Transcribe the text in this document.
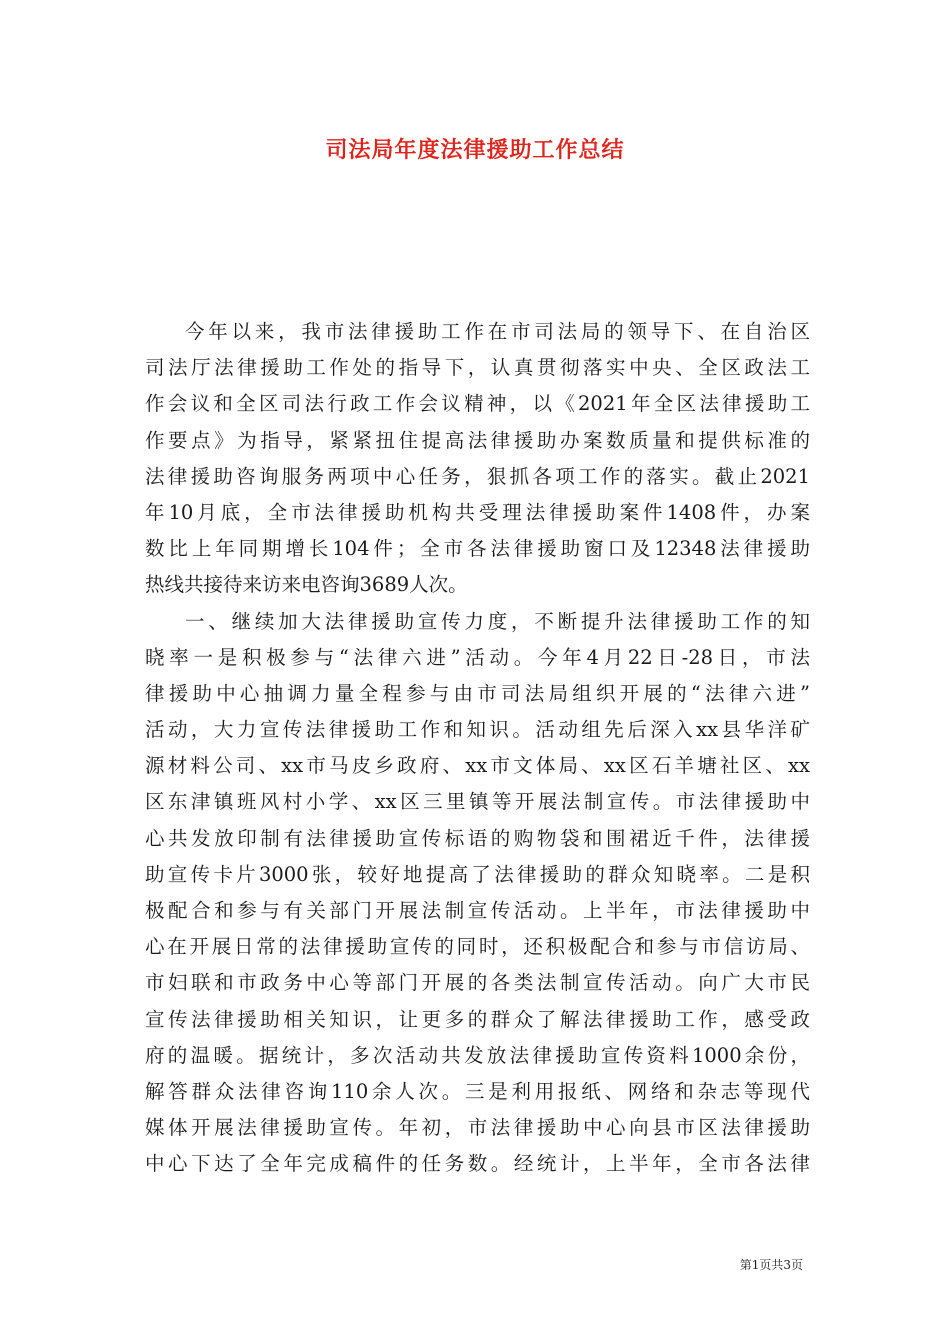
司法局年度法律援助工作总结
今年以来，我市法律援助工作在市司法局的领导下、在自治区
司法厅法律援助工作处的指导下，认真贯彻落实中央、全区政法工
作会议和全区司法行政工作会议精神，以《2021年全区法律援助工
作要点》为指导，紧紧扭住提高法律援助办案数质量和提供标准的
法律援助咨询服务两项中心任务，狠抓各项工作的落实。截止2021
年10月底，全市法律援助机构共受理法律援助案件1408件，办案
数比上年同期增长104件；全市各法律援助窗口及12348法律援助
热线共接待来访来电咨询3689人次。
一、继续加大法律援助宣传力度，不断提升法律援助工作的知
晓率一是积极参与“法律六进”活动。今年4月22日-28日，市法
律援助中心抽调力量全程参与由市司法局组织开展的“法律六进”
活动，大力宣传法律援助工作和知识。活动组先后深入xx县华洋矿
源材料公司、xx市马皮乡政府、xx市文体局、xx区石羊塘社区、xx
区东津镇班风村小学、xx区三里镇等开展法制宣传。市法律援助中
心共发放印制有法律援助宣传标语的购物袋和围裙近千件，法律援
助宣传卡片3000张，较好地提高了法律援助的群众知晓率。二是积
极配合和参与有关部门开展法制宣传活动。上半年，市法律援助中
心在开展日常的法律援助宣传的同时，还积极配合和参与市信访局、
市妇联和市政务中心等部门开展的各类法制宣传活动。向广大市民
宣传法律援助相关知识，让更多的群众了解法律援助工作，感受政
府的温暖。据统计，多次活动共发放法律援助宣传资料1000余份，
解答群众法律咨询110余人次。三是利用报纸、网络和杂志等现代
媒体开展法律援助宣传。年初，市法律援助中心向县市区法律援助
中心下达了全年完成稿件的任务数。经统计，上半年，全市各法律
第1页共3页
